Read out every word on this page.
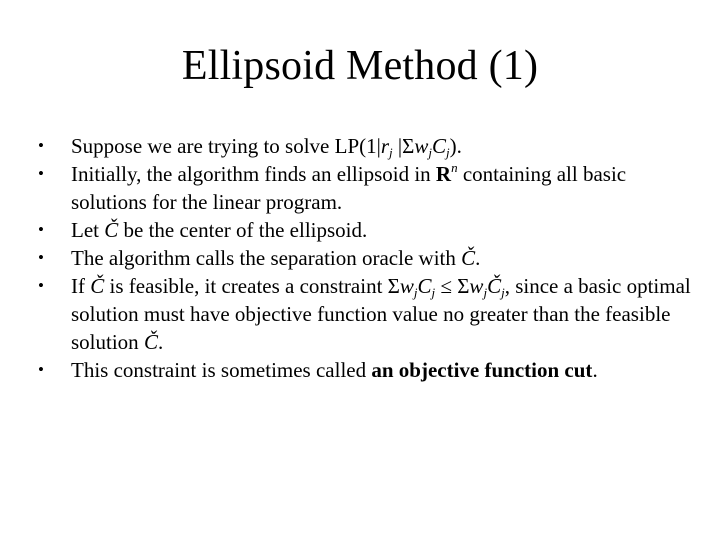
Ellipsoid Method (1)
•	Suppose we are trying to solve $LP(1|r_j$ $|\Sigma w_jC_j$).
•	Initially, the algorithm finds an ellipsoid in $R^n$ containing all basic solutions for the linear program.
•	Let Č be the center of the ellipsoid.
•	The algorithm calls the separation oracle with Č.
•	If Č is feasible, it creates a constraint $\Sigma w_jC_j$ ≤ $\Sigma w_jČ_j$, since a basic optimal solution must have objective function value no greater than the feasible solution Č.
•	This constraint is sometimes called an objective function cut.
